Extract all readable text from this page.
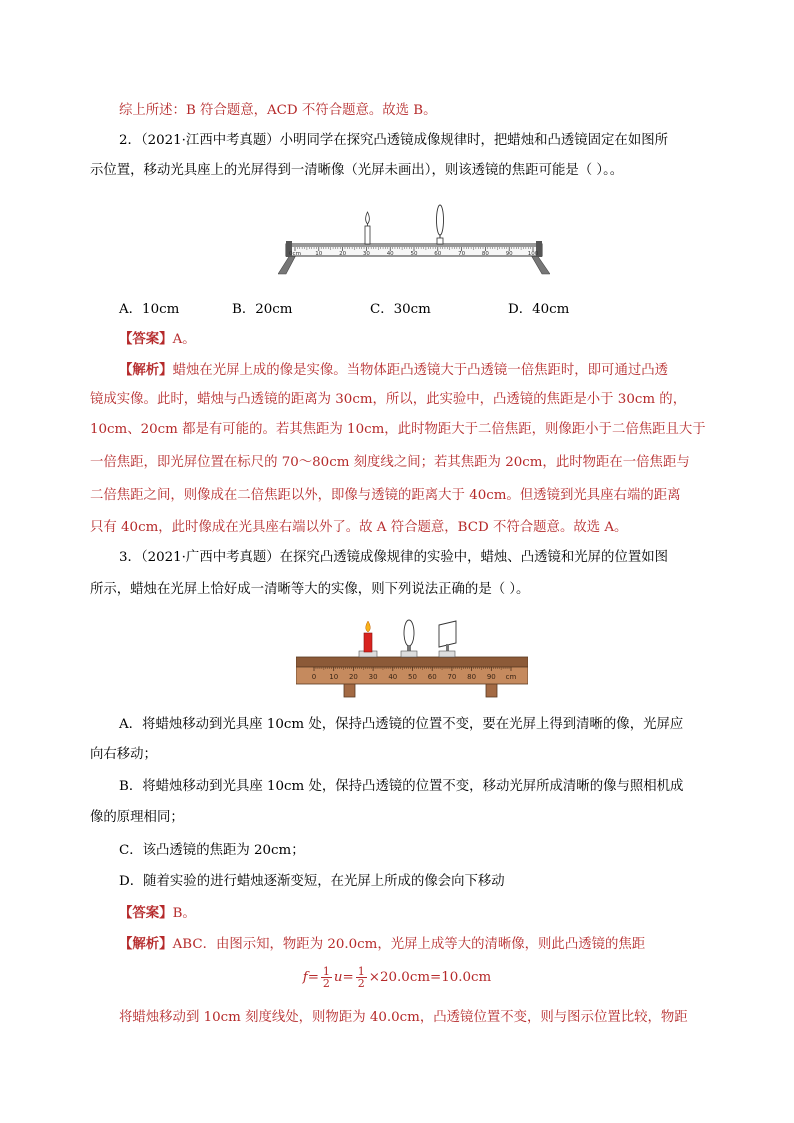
综上所述：B 符合题意，ACD 不符合题意。故选 B。
2．（2021·江西中考真题）小明同学在探究凸透镜成像规律时，把蜡烛和凸透镜固定在如图所
示位置，移动光具座上的光屏得到一清晰像（光屏未画出），则该透镜的焦距可能是（ ）。。
0cm	10	20	30	40	50	60	70	80	90	100
A．10cm	B．20cm	C．30cm	D．40cm
【答案】A。
【解析】蜡烛在光屏上成的像是实像。当物体距凸透镜大于凸透镜一倍焦距时，即可通过凸透
镜成实像。此时，蜡烛与凸透镜的距离为 30cm，所以，此实验中，凸透镜的焦距是小于 30cm 的，
10cm、20cm 都是有可能的。若其焦距为 10cm，此时物距大于二倍焦距，则像距小于二倍焦距且大于
一倍焦距，即光屏位置在标尺的 70～80cm 刻度线之间；若其焦距为 20cm，此时物距在一倍焦距与
二倍焦距之间，则像成在二倍焦距以外，即像与透镜的距离大于 40cm。但透镜到光具座右端的距离
只有 40cm，此时像成在光具座右端以外了。故 A 符合题意，BCD 不符合题意。故选 A。
3．（2021·广西中考真题）在探究凸透镜成像规律的实验中，蜡烛、凸透镜和光屏的位置如图
所示，蜡烛在光屏上恰好成一清晰等大的实像，则下列说法正确的是（ ）。
0 10 20 30 40 50 60 70 80 90 cm
A．将蜡烛移动到光具座 10cm 处，保持凸透镜的位置不变，要在光屏上得到清晰的像，光屏应
向右移动；
B．将蜡烛移动到光具座 10cm 处，保持凸透镜的位置不变，移动光屏所成清晰的像与照相机成
像的原理相同；
C．该凸透镜的焦距为 20cm；
D．随着实验的进行蜡烛逐渐变短，在光屏上所成的像会向下移动
【答案】B。
【解析】ABC．由图示知，物距为 20.0cm，光屏上成等大的清晰像，则此凸透镜的焦距
$f= \frac{1}{2} u= \frac{1}{2} \times 20.0cm=10.0cm$
将蜡烛移动到 10cm 刻度线处，则物距为 40.0cm，凸透镜位置不变，则与图示位置比较，物距
